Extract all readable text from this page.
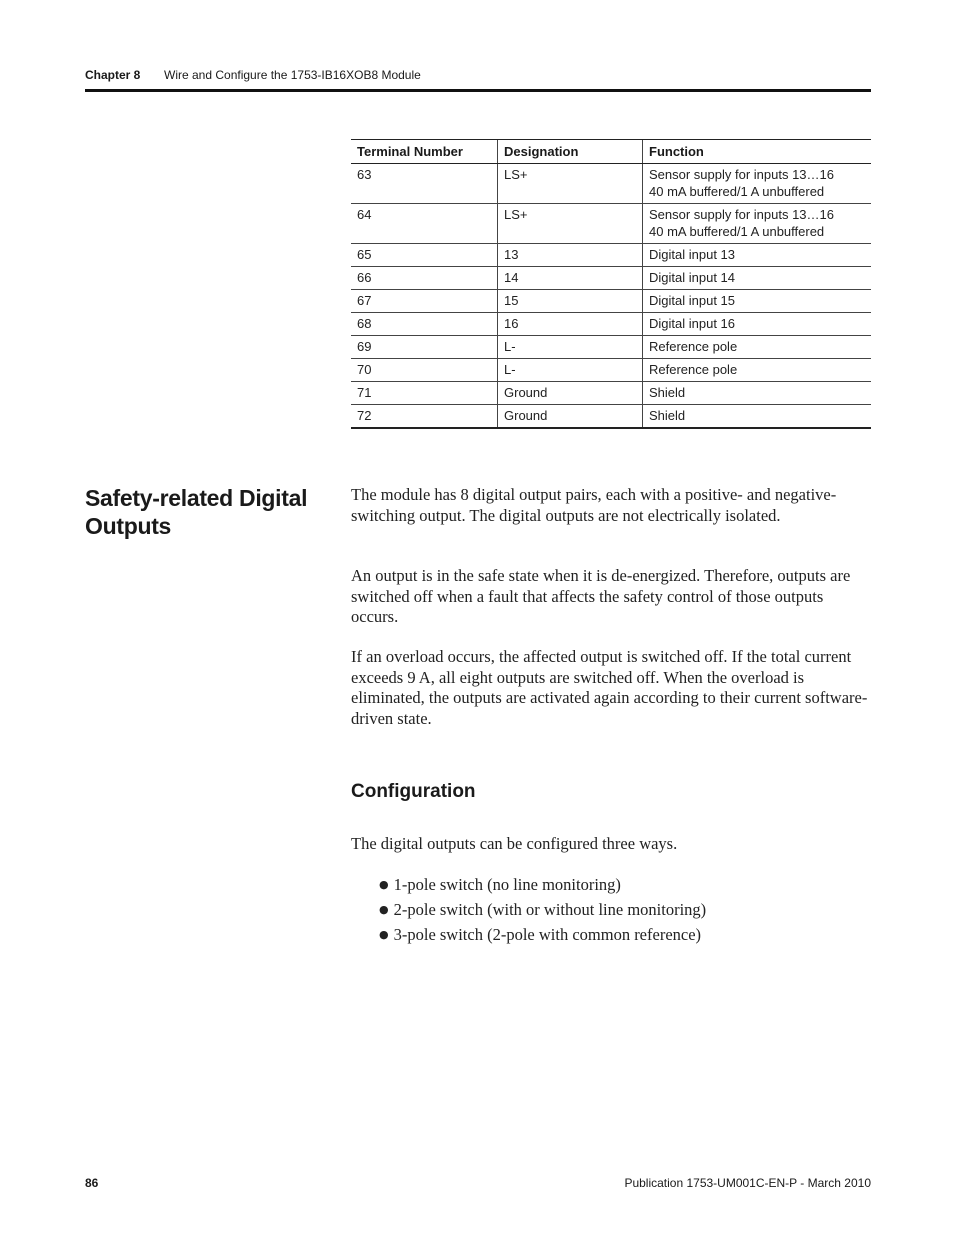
Chapter 8 Wire and Configure the 1753-IB16XOB8 Module
Terminal Number	Designation	Function
63	LS+	Sensor supply for inputs 13…16
40 mA buffered/1 A unbuffered

64	LS+	Sensor supply for inputs 13…16
40 mA buffered/1 A unbuffered

65	13	Digital input 13

66	14	Digital input 14

67	15	Digital input 15

68	16	Digital input 16

69	L-	Reference pole

70	L-	Reference pole

71	Ground	Shield

72	Ground	Shield
Safety-related Digital Outputs

The module has 8 digital output pairs, each with a positive- and negative-switching output. The digital outputs are not electrically isolated.

An output is in the safe state when it is de-energized. Therefore, outputs are switched off when a fault that affects the safety control of those outputs occurs.

If an overload occurs, the affected output is switched off. If the total current exceeds 9 A, all eight outputs are switched off. When the overload is eliminated, the outputs are activated again according to their current software-driven state.

Configuration

The digital outputs can be configured three ways.

● 1-pole switch (no line monitoring)
● 2-pole switch (with or without line monitoring)
● 3-pole switch (2-pole with common reference)
86	Publication 1753-UM001C-EN-P - March 2010
